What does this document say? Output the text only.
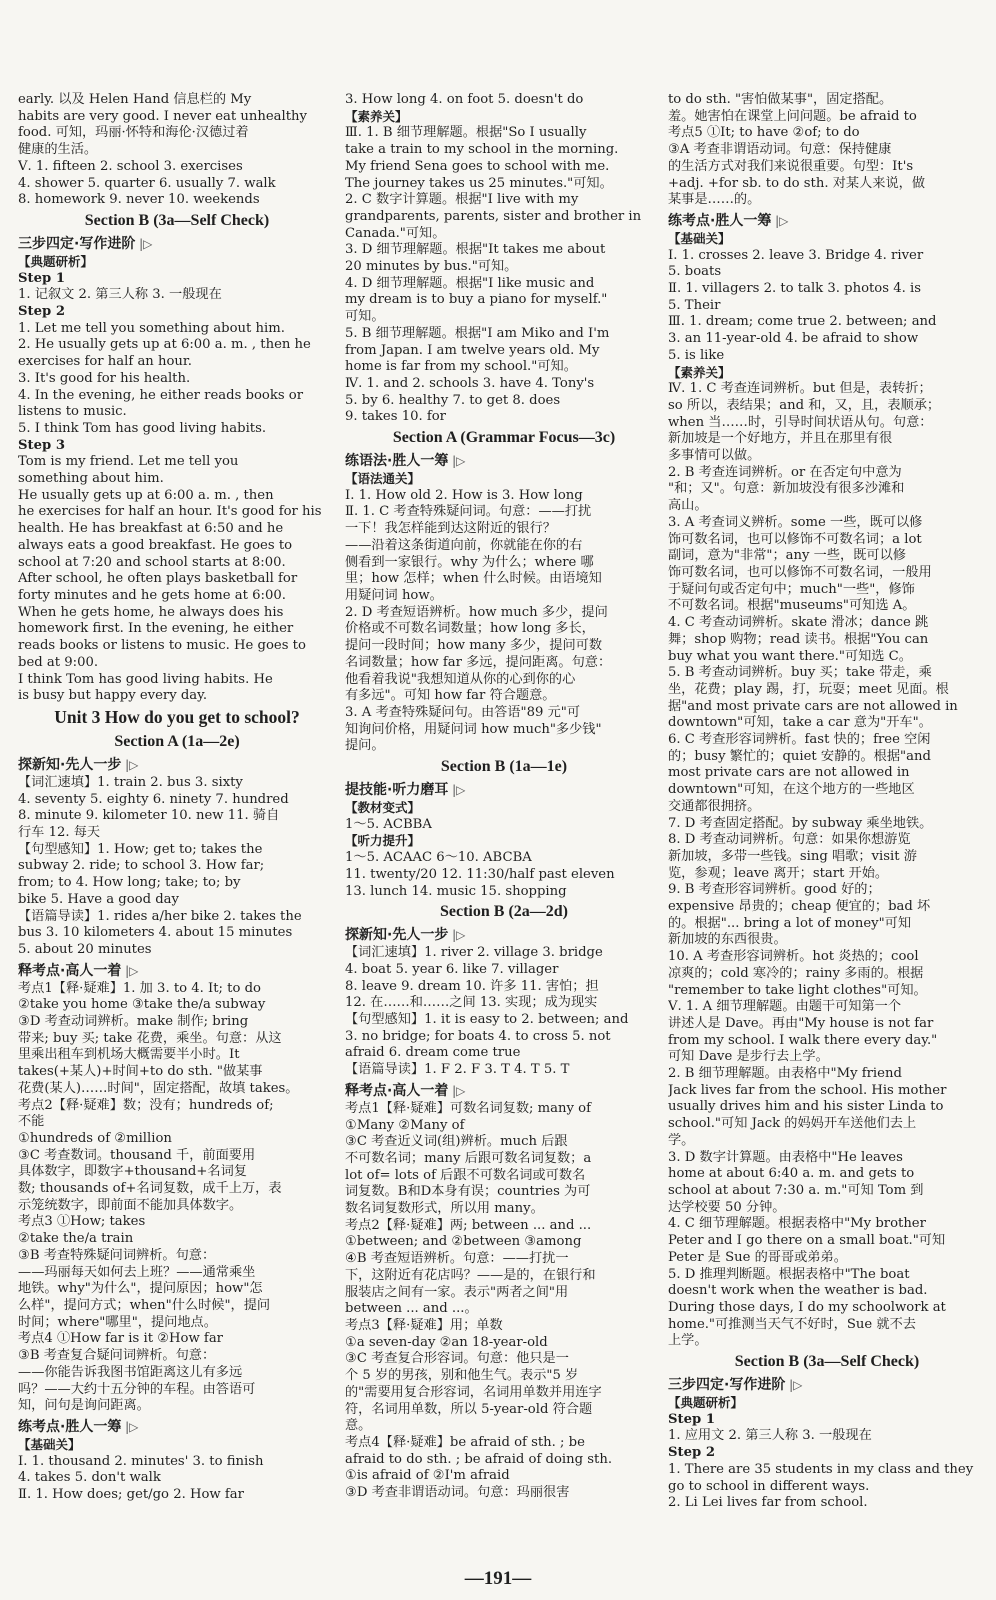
early. 以及 Helen Hand 信息栏的 My
habits are very good. I never eat unhealthy
food. 可知，玛丽·怀特和海伦·汉德过着
健康的生活。
Ⅴ. 1. fifteen 2. school 3. exercises
4. shower 5. quarter 6. usually 7. walk
8. homework 9. never 10. weekends
Section B (3a—Self Check)
三步四定·写作进阶 |▷
【典题研析】
Step 1
1. 记叙文 2. 第三人称 3. 一般现在
Step 2
1. Let me tell you something about him.
2. He usually gets up at 6:00 a. m. , then he
exercises for half an hour.
3. It's good for his health.
4. In the evening, he either reads books or
listens to music.
5. I think Tom has good living habits.
Step 3
Tom is my friend. Let me tell you
something about him.
He usually gets up at 6:00 a. m. , then
he exercises for half an hour. It's good for his
health. He has breakfast at 6:50 and he
always eats a good breakfast. He goes to
school at 7:20 and school starts at 8:00.
After school, he often plays basketball for
forty minutes and he gets home at 6:00.
When he gets home, he always does his
homework first. In the evening, he either
reads books or listens to music. He goes to
bed at 9:00.
I think Tom has good living habits. He
is busy but happy every day.
Unit 3 How do you get to school?
Section A (1a—2e)
探新知·先人一步 |▷
【词汇速填】1. train 2. bus 3. sixty
4. seventy 5. eighty 6. ninety 7. hundred
8. minute 9. kilometer 10. new 11. 骑自
行车 12. 每天
【句型感知】1. How; get to; takes the
subway 2. ride; to school 3. How far;
from; to 4. How long; take; to; by
bike 5. Have a good day
【语篇导读】1. rides a/her bike 2. takes the
bus 3. 10 kilometers 4. about 15 minutes
5. about 20 minutes
释考点·高人一着 |▷
考点1【释·疑难】1. 加 3. to 4. It; to do
②take you home ③take the/a subway
③D 考查动词辨析。make 制作; bring
带来; buy 买; take 花费，乘坐。句意：从这
里乘出租车到机场大概需要半小时。It
takes(+某人)+时间+to do sth. "做某事
花费(某人)……时间"，固定搭配，故填 takes。
考点2【释·疑难】数；没有；hundreds of;
不能
①hundreds of ②million
③C 考查数词。thousand 千，前面要用
具体数字，即数字+thousand+名词复
数; thousands of+名词复数，成千上万，表
示笼统数字，即前面不能加具体数字。
考点3 ①How; takes
②take the/a train
③B 考查特殊疑问词辨析。句意：
——玛丽每天如何去上班？——通常乘坐
地铁。why"为什么"，提问原因；how"怎
么样"，提问方式；when"什么时候"，提问
时间；where"哪里"，提问地点。
考点4 ①How far is it ②How far
③B 考查复合疑问词辨析。句意：
——你能告诉我图书馆距离这儿有多远
吗？——大约十五分钟的车程。由答语可
知，问句是询问距离。
练考点·胜人一筹 |▷
【基础关】
Ⅰ. 1. thousand 2. minutes' 3. to finish
4. takes 5. don't walk
Ⅱ. 1. How does; get/go 2. How far
3. How long 4. on foot 5. doesn't do
【素养关】
Ⅲ. 1. B 细节理解题。根据"So I usually
take a train to my school in the morning.
My friend Sena goes to school with me.
The journey takes us 25 minutes."可知。
2. C 数字计算题。根据"I live with my
grandparents, parents, sister and brother in
Canada."可知。
3. D 细节理解题。根据"It takes me about
20 minutes by bus."可知。
4. D 细节理解题。根据"I like music and
my dream is to buy a piano for myself."
可知。
5. B 细节理解题。根据"I am Miko and I'm
from Japan. I am twelve years old. My
home is far from my school."可知。
Ⅳ. 1. and 2. schools 3. have 4. Tony's
5. by 6. healthy 7. to get 8. does
9. takes 10. for
Section A (Grammar Focus—3c)
练语法·胜人一筹 |▷
【语法通关】
Ⅰ. 1. How old 2. How is 3. How long
Ⅱ. 1. C 考查特殊疑问词。句意：——打扰
一下！我怎样能到达这附近的银行？
——沿着这条街道向前，你就能在你的右
侧看到一家银行。why 为什么；where 哪
里；how 怎样；when 什么时候。由语境知
用疑问词 how。
2. D 考查短语辨析。how much 多少，提问
价格或不可数名词数量；how long 多长，
提问一段时间；how many 多少，提问可数
名词数量；how far 多远，提问距离。句意：
他看着我说"我想知道从你的心到你的心
有多远"。可知 how far 符合题意。
3. A 考查特殊疑问句。由答语"89 元"可
知询问价格，用疑问词 how much"多少钱"
提问。
Section B (1a—1e)
提技能·听力磨耳 |▷
【教材变式】
1～5. ACBBA
【听力提升】
1～5. ACAAC 6～10. ABCBA
11. twenty/20 12. 11:30/half past eleven
13. lunch 14. music 15. shopping
Section B (2a—2d)
探新知·先人一步 |▷
【词汇速填】1. river 2. village 3. bridge
4. boat 5. year 6. like 7. villager
8. leave 9. dream 10. 许多 11. 害怕；担
12. 在……和……之间 13. 实现；成为现实
【句型感知】1. it is easy to 2. between; and
3. no bridge; for boats 4. to cross 5. not
afraid 6. dream come true
【语篇导读】1. F 2. F 3. T 4. T 5. T
释考点·高人一着 |▷
考点1【释·疑难】可数名词复数; many of
①Many ②Many of
③C 考查近义词(组)辨析。much 后跟
不可数名词；many 后跟可数名词复数；a
lot of= lots of 后跟不可数名词或可数名
词复数。B和D本身有误；countries 为可
数名词复数形式，所以用 many。
考点2【释·疑难】两; between ... and ...
①between; and ②between ③among
④B 考查短语辨析。句意：——打扰一
下，这附近有花店吗？——是的，在银行和
服装店之间有一家。表示"两者之间"用
between ... and ...。
考点3【释·疑难】用；单数
①a seven-day ②an 18-year-old
③C 考查复合形容词。句意：他只是一
个 5 岁的男孩，别和他生气。表示"5 岁
的"需要用复合形容词，名词用单数并用连字
符，名词用单数，所以 5-year-old 符合题
意。
考点4【释·疑难】be afraid of sth. ; be
afraid to do sth. ; be afraid of doing sth.
①is afraid of ②I'm afraid
③D 考查非谓语动词。句意：玛丽很害
to do sth. "害怕做某事"，固定搭配。
羞。她害怕在课堂上问问题。be afraid to
考点5 ①It; to have ②of; to do
③A 考查非谓语动词。句意：保持健康
的生活方式对我们来说很重要。句型：It's
+adj. +for sb. to do sth. 对某人来说，做
某事是……的。
练考点·胜人一筹 |▷
【基础关】
Ⅰ. 1. crosses 2. leave 3. Bridge 4. river
5. boats
Ⅱ. 1. villagers 2. to talk 3. photos 4. is
5. Their
Ⅲ. 1. dream; come true 2. between; and
3. an 11-year-old 4. be afraid to show
5. is like
【素养关】
Ⅳ. 1. C 考查连词辨析。but 但是，表转折；
so 所以，表结果；and 和，又，且，表顺承；
when 当……时，引导时间状语从句。句意：
新加坡是一个好地方，并且在那里有很
多事情可以做。
2. B 考查连词辨析。or 在否定句中意为
"和；又"。句意：新加坡没有很多沙滩和
高山。
3. A 考查词义辨析。some 一些，既可以修
饰可数名词，也可以修饰不可数名词；a lot
副词，意为"非常"；any 一些，既可以修
饰可数名词，也可以修饰不可数名词，一般用
于疑问句或否定句中；much"一些"，修饰
不可数名词。根据"museums"可知选 A。
4. C 考查动词辨析。skate 滑冰；dance 跳
舞；shop 购物；read 读书。根据"You can
buy what you want there."可知选 C。
5. B 考查动词辨析。buy 买；take 带走，乘
坐，花费；play 踢，打，玩耍；meet 见面。根
据"and most private cars are not allowed in
downtown"可知，take a car 意为"开车"。
6. C 考查形容词辨析。fast 快的；free 空闲
的；busy 繁忙的；quiet 安静的。根据"and
most private cars are not allowed in
downtown"可知，在这个地方的一些地区
交通都很拥挤。
7. D 考查固定搭配。by subway 乘坐地铁。
8. D 考查动词辨析。句意：如果你想游览
新加坡，多带一些钱。sing 唱歌；visit 游
览，参观；leave 离开；start 开始。
9. B 考查形容词辨析。good 好的；
expensive 昂贵的；cheap 便宜的；bad 坏
的。根据"... bring a lot of money"可知
新加坡的东西很贵。
10. A 考查形容词辨析。hot 炎热的；cool
凉爽的；cold 寒冷的；rainy 多雨的。根据
"remember to take light clothes"可知。
Ⅴ. 1. A 细节理解题。由题干可知第一个
讲述人是 Dave。再由"My house is not far
from my school. I walk there every day."
可知 Dave 是步行去上学。
2. B 细节理解题。由表格中"My friend
Jack lives far from the school. His mother
usually drives him and his sister Linda to
school."可知 Jack 的妈妈开车送他们去上
学。
3. D 数字计算题。由表格中"He leaves
home at about 6:40 a. m. and gets to
school at about 7:30 a. m."可知 Tom 到
达学校要 50 分钟。
4. C 细节理解题。根据表格中"My brother
Peter and I go there on a small boat."可知
Peter 是 Sue 的哥哥或弟弟。
5. D 推理判断题。根据表格中"The boat
doesn't work when the weather is bad.
During those days, I do my schoolwork at
home."可推测当天气不好时，Sue 就不去
上学。
Section B (3a—Self Check)
三步四定·写作进阶 |▷
【典题研析】
Step 1
1. 应用文 2. 第三人称 3. 一般现在
Step 2
1. There are 35 students in my class and they
go to school in different ways.
2. Li Lei lives far from school.
—191—
